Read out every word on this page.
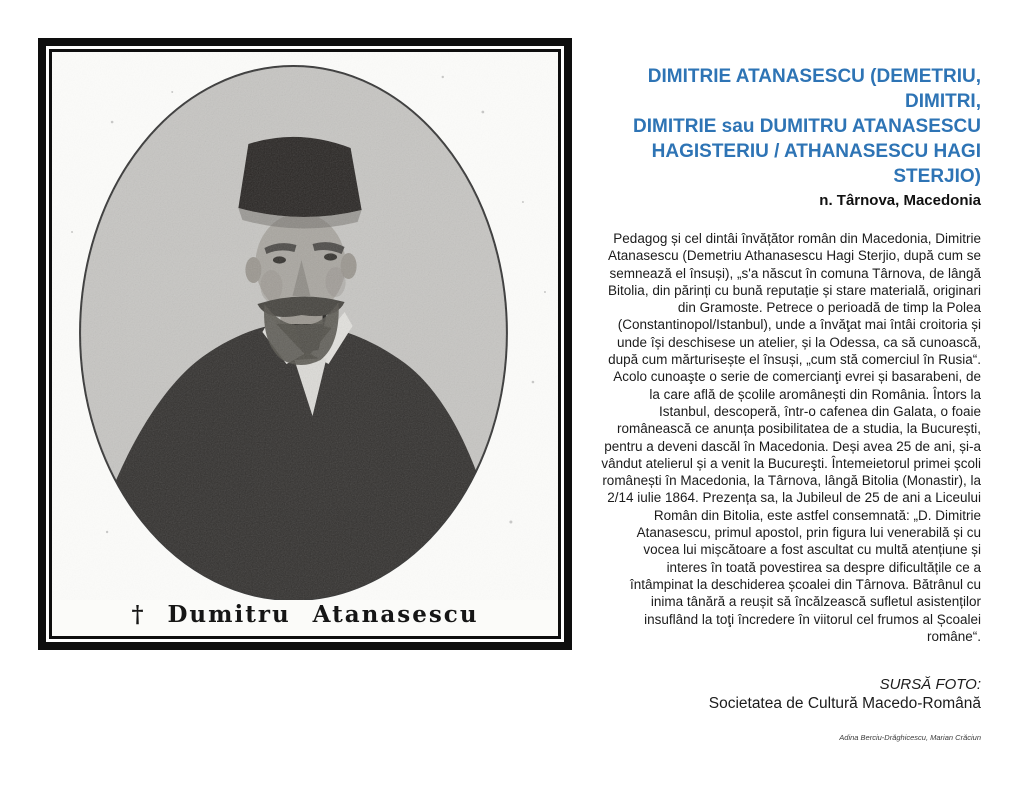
† Dumitru Atanasescu
DIMITRIE ATANASESCU (DEMETRIU, DIMITRI,
DIMITRIE sau DUMITRU ATANASESCU
HAGISTERIU / ATHANASESCU HAGI STERJIO)
n. Târnova, Macedonia

Pedagog și cel dintâi învățător român din Macedonia, Dimitrie Atanasescu (Demetriu Athanasescu Hagi Sterjio, după cum se semnează el însuși), „s'a născut în comuna Târnova, de lângă Bitolia, din părinți cu bună reputație și stare materială, originari din Gramoste. Petrece o perioadă de timp la Polea (Constantinopol/Istanbul), unde a învăţat mai întâi croitoria și unde își deschisese un atelier, și la Odessa, ca să cunoască, după cum mărturisește el însuși, „cum stă comerciul în Rusia“. Acolo cunoaşte o serie de comercianţi evrei și basarabeni, de la care află de școlile aromânești din România. Întors la Istanbul, descoperă, într-o cafenea din Galata, o foaie românească ce anunța posibilitatea de a studia, la București, pentru a deveni dascăl în Macedonia. Deși avea 25 de ani, și-a vândut atelierul și a venit la Bucureşti. Întemeietorul primei școli românești în Macedonia, la Târnova, lângă Bitolia (Monastir), la 2/14 iulie 1864. Prezența sa, la Jubileul de 25 de ani a Liceului Român din Bitolia, este astfel consemnată: „D. Dimitrie Atanasescu, primul apostol, prin figura lui venerabilă și cu vocea lui mișcătoare a fost ascultat cu multă atențiune și interes în toată povestirea sa despre dificultățile ce a întâmpinat la deschiderea școalei din Târnova. Bătrânul cu inima tânără a reușit să încălzească sufletul asistenților insuflând la toţi încredere în viitorul cel frumos al Școalei române“.

SURSĂ FOTO:
Societatea de Cultură Macedo-Română
Adina Berciu-Drăghicescu, Marian Crăciun
